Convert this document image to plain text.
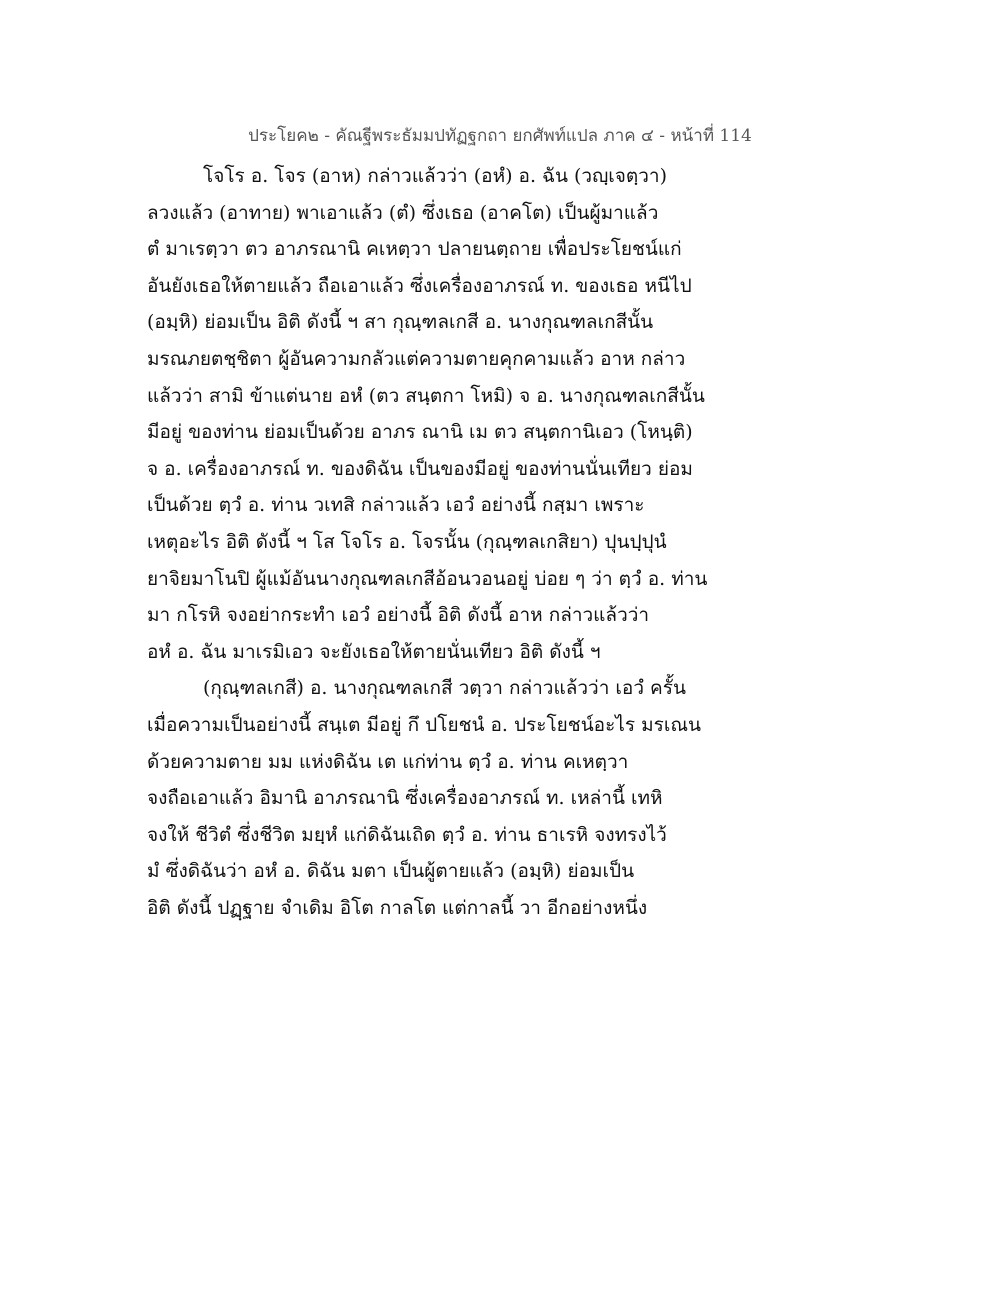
ประโยค๒ - คัณฐีพระธัมมปทัฏฐกถา ยกศัพท์แปล ภาค ๔ - หน้าที่ 114
โจโร อ. โจร (อาห) กล่าวแล้วว่า (อหํ) อ. ฉัน (วญฺเจตฺวา)
ลวงแล้ว (อาทาย) พาเอาแล้ว (ตํ) ซึ่งเธอ (อาคโต) เป็นผู้มาแล้ว
ตํ มาเรตฺวา ตว อาภรณานิ คเหตฺวา ปลายนตฺถาย เพื่อประโยชน์แก่
อันยังเธอให้ตายแล้ว ถือเอาแล้ว ซึ่งเครื่องอาภรณ์ ท. ของเธอ หนีไป
(อมฺหิ) ย่อมเป็น อิติ ดังนี้ ฯ สา กุณฺฑลเกสี อ. นางกุณฑลเกสีนั้น
มรณภยตชฺชิตา ผู้อันความกลัวแต่ความตายคุกคามแล้ว อาห กล่าว
แล้วว่า สามิ ข้าแต่นาย อหํ (ตว สนฺตกา โหมิ) จ อ. นางกุณฑลเกสีนั้น
มีอยู่ ของท่าน ย่อมเป็นด้วย อาภร ณานิ เม ตว สนฺตกานิเอว (โหนฺติ)
จ อ. เครื่องอาภรณ์ ท. ของดิฉัน เป็นของมีอยู่ ของท่านนั่นเทียว ย่อม
เป็นด้วย ตฺวํ อ. ท่าน วเทสิ กล่าวแล้ว เอวํ อย่างนี้ กสฺมา เพราะ
เหตุอะไร อิติ ดังนี้ ฯ โส โจโร อ. โจรนั้น (กุณฺฑลเกสิยา) ปุนปฺปุนํ
ยาจิยมาโนปิ ผู้แม้อันนางกุณฑลเกสีอ้อนวอนอยู่ บ่อย ๆ ว่า ตฺวํ อ. ท่าน
มา กโรหิ จงอย่ากระทำ เอวํ อย่างนี้ อิติ ดังนี้ อาห กล่าวแล้วว่า
อหํ อ. ฉัน มาเรมิเอว จะยังเธอให้ตายนั่นเทียว อิติ ดังนี้ ฯ
(กุณฺฑลเกสี) อ. นางกุณฑลเกสี วตฺวา กล่าวแล้วว่า เอวํ ครั้น
เมื่อความเป็นอย่างนี้ สนฺเต มีอยู่ กึ ปโยชนํ อ. ประโยชน์อะไร มรเณน
ด้วยความตาย มม แห่งดิฉัน เต แก่ท่าน ตฺวํ อ. ท่าน คเหตฺวา
จงถือเอาแล้ว อิมานิ อาภรณานิ ซึ่งเครื่องอาภรณ์ ท. เหล่านี้ เทหิ
จงให้ ชีวิตํ ซึ่งชีวิต มยฺหํ แก่ดิฉันเถิด ตฺวํ อ. ท่าน ธาเรหิ จงทรงไว้
มํ ซึ่งดิฉันว่า อหํ อ. ดิฉัน มตา เป็นผู้ตายแล้ว (อมฺหิ) ย่อมเป็น
อิติ ดังนี้ ปฏฺฐาย จำเดิม อิโต กาลโต แต่กาลนี้ วา อีกอย่างหนึ่ง
